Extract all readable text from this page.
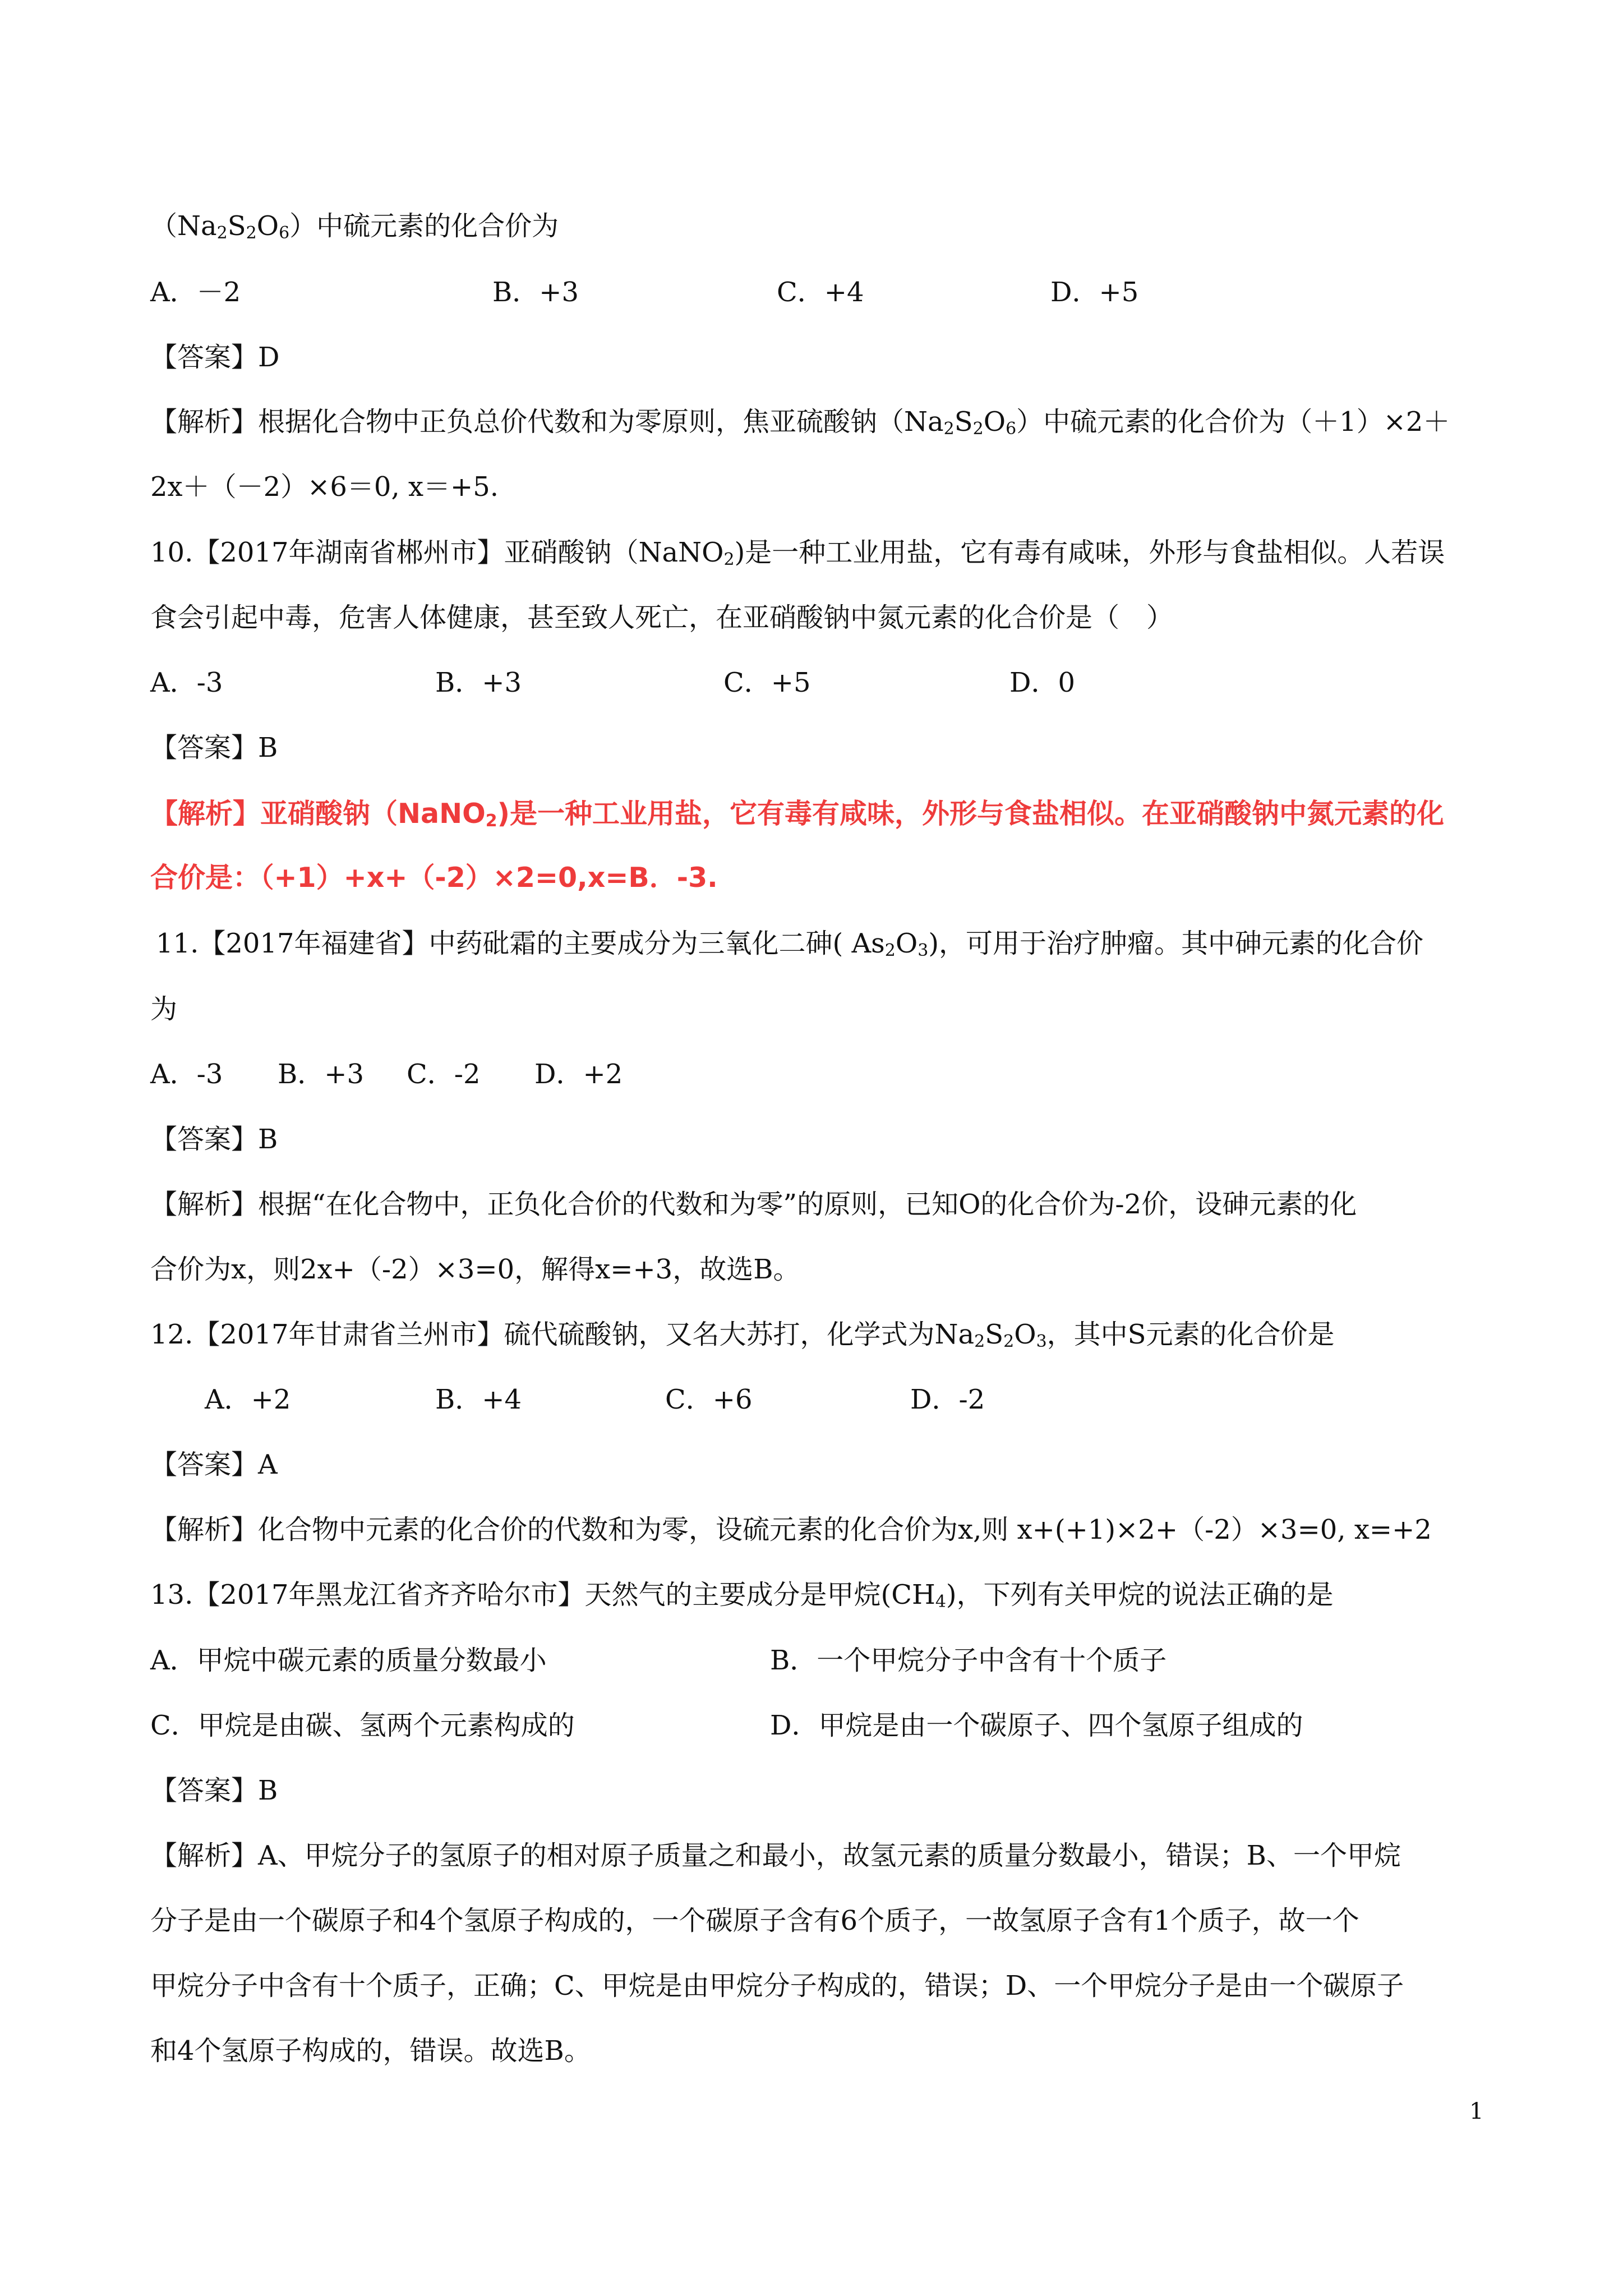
$(Na_2S_2O_6)$中硫元素的化合价为
A．－2	B．+3	C．+4	D．+5
【答案】D
【解析】根据化合物中正负总价代数和为零原则，焦亚硫酸钠$(Na_2S_2O_6)$中硫元素的化合价为（＋1）×2＋
2x＋（－2）×6＝0, x＝+5.
10.【2017年湖南省郴州市】亚硝酸钠（NaNO$_2$)是一种工业用盐，它有毒有咸味，外形与食盐相似。人若误
食会引起中毒，危害人体健康，甚至致人死亡，在亚硝酸钠中氮元素的化合价是（　）
A．-3	B．+3	C．+5	D．0
【答案】B
【解析】亚硝酸钠（NaNO$_2$)是一种工业用盐，它有毒有咸味，外形与食盐相似。在亚硝酸钠中氮元素的化
合价是：（+1）+x+（-2）×2=0,x=B．-3.
11.【2017年福建省】中药砒霜的主要成分为三氧化二砷( $As_2O_3$)，可用于治疗肿瘤。其中砷元素的化合价
为
A．-3 B．+3 C．-2 D．+2
【答案】B
【解析】根据“在化合物中，正负化合价的代数和为零”的原则，已知O的化合价为-2价，设砷元素的化
合价为x，则2x+（-2）×3=0，解得x=+3，故选B。
12.【2017年甘肃省兰州市】硫代硫酸钠，又名大苏打，化学式为$Na_2S_2O_3$，其中S元素的化合价是
A．+2	B．+4	C．+6	D．-2
【答案】A
【解析】化合物中元素的化合价的代数和为零，设硫元素的化合价为x,则 x+(+1)×2+（-2）×3=0, x=+2
13.【2017年黑龙江省齐齐哈尔市】天然气的主要成分是甲烷$(CH_4)$，下列有关甲烷的说法正确的是
A．甲烷中碳元素的质量分数最小	B．一个甲烷分子中含有十个质子
C．甲烷是由碳、氢两个元素构成的	D．甲烷是由一个碳原子、四个氢原子组成的
【答案】B
【解析】A、甲烷分子的氢原子的相对原子质量之和最小，故氢元素的质量分数最小，错误；B、一个甲烷
分子是由一个碳原子和4个氢原子构成的，一个碳原子含有6个质子，一故氢原子含有1个质子，故一个
甲烷分子中含有十个质子，正确；C、甲烷是由甲烷分子构成的，错误；D、一个甲烷分子是由一个碳原子
和4个氢原子构成的，错误。故选B。
1
